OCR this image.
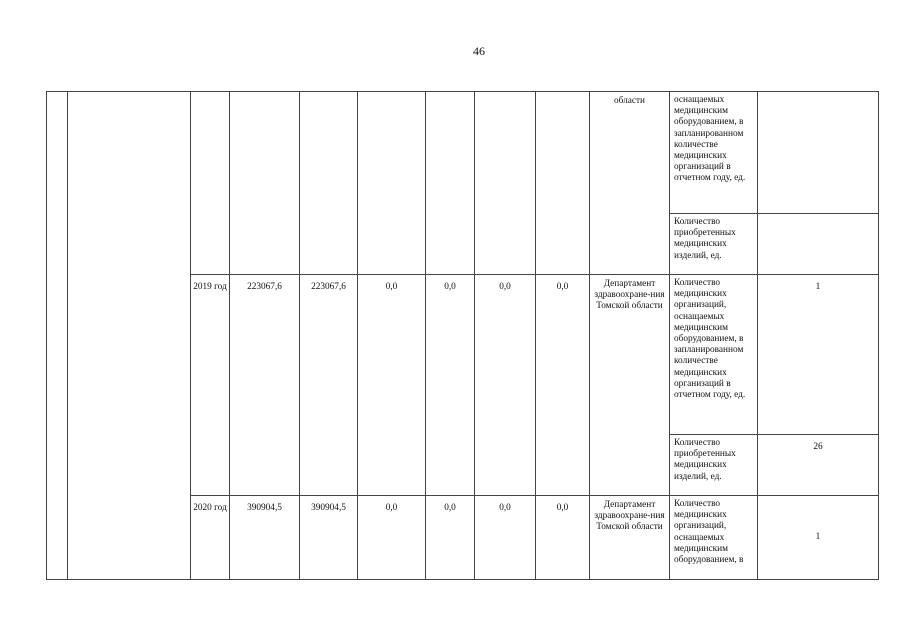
46
									области	оснащаемых медицинским оборудованием, в запланированном количестве медицинских организаций в отчетном году, ед.	
										Количество приобретенных медицинских изделий, ед.	
		2019 год	223067,6	223067,6	0,0	0,0	0,0	0,0	Департамент здравоохране-ния Томской области	Количество медицинских организаций, оснащаемых медицинским оборудованием, в запланированном количестве медицинских организаций в отчетном году, ед.	1
										Количество приобретенных медицинских изделий, ед.	26
		2020 год	390904,5	390904,5	0,0	0,0	0,0	0,0	Департамент здравоохране-ния Томской области	Количество медицинских организаций, оснащаемых медицинским оборудованием, в	1
